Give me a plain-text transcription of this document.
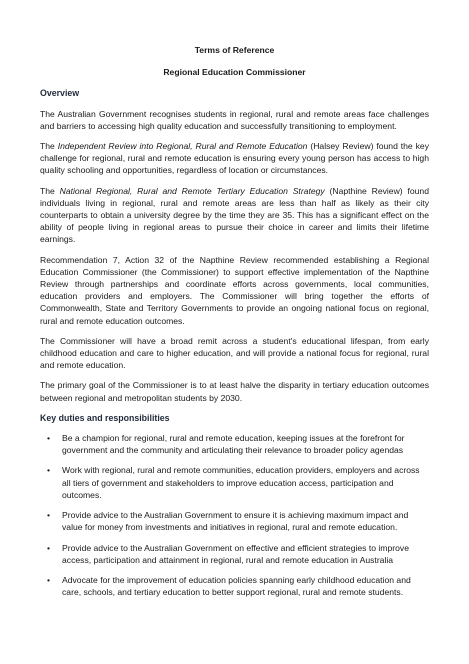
Terms of Reference

Regional Education Commissioner

Overview

The Australian Government recognises students in regional, rural and remote areas face challenges and barriers to accessing high quality education and successfully transitioning to employment.

The Independent Review into Regional, Rural and Remote Education (Halsey Review) found the key challenge for regional, rural and remote education is ensuring every young person has access to high quality schooling and opportunities, regardless of location or circumstances.

The National Regional, Rural and Remote Tertiary Education Strategy (Napthine Review) found individuals living in regional, rural and remote areas are less than half as likely as their city counterparts to obtain a university degree by the time they are 35. This has a significant effect on the ability of people living in regional areas to pursue their choice in career and limits their lifetime earnings.

Recommendation 7, Action 32 of the Napthine Review recommended establishing a Regional Education Commissioner (the Commissioner) to support effective implementation of the Napthine Review through partnerships and coordinate efforts across governments, local communities, education providers and employers. The Commissioner will bring together the efforts of Commonwealth, State and Territory Governments to provide an ongoing national focus on regional, rural and remote education outcomes.

The Commissioner will have a broad remit across a student's educational lifespan, from early childhood education and care to higher education, and will provide a national focus for regional, rural and remote education.

The primary goal of the Commissioner is to at least halve the disparity in tertiary education outcomes between regional and metropolitan students by 2030.

Key duties and responsibilities
• Be a champion for regional, rural and remote education, keeping issues at the forefront for government and the community and articulating their relevance to broader policy agendas
• Work with regional, rural and remote communities, education providers, employers and across all tiers of government and stakeholders to improve education access, participation and outcomes.
• Provide advice to the Australian Government to ensure it is achieving maximum impact and value for money from investments and initiatives in regional, rural and remote education.
• Provide advice to the Australian Government on effective and efficient strategies to improve access, participation and attainment in regional, rural and remote education in Australia
• Advocate for the improvement of education policies spanning early childhood education and care, schools, and tertiary education to better support regional, rural and remote students.
